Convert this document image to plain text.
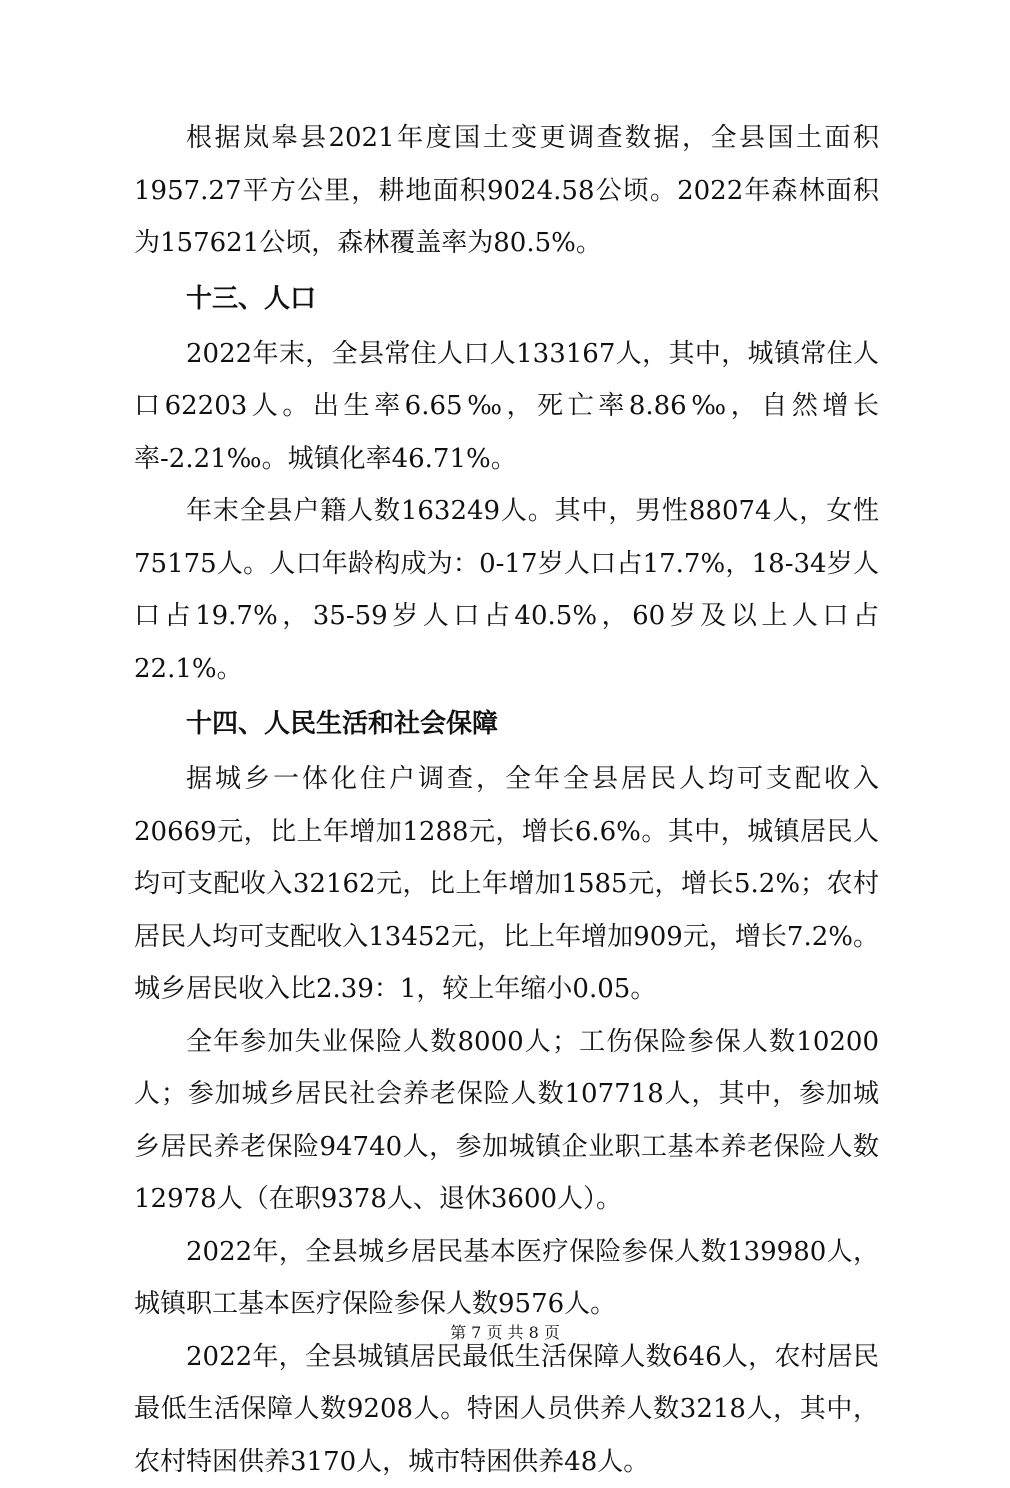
根据岚皋县2021年度国土变更调查数据，全县国土面积1957.27平方公里，耕地面积9024.58公顷。2022年森林面积为157621公顷，森林覆盖率为80.5%。

十三、人口

2022年末，全县常住人口人133167人，其中，城镇常住人口62203人。出生率6.65‰，死亡率8.86‰，自然增长率-2.21‰。城镇化率46.71%。

年末全县户籍人数163249人。其中，男性88074人，女性75175人。人口年龄构成为：0-17岁人口占17.7%，18-34岁人口占19.7%，35-59岁人口占40.5%，60岁及以上人口占22.1%。

十四、人民生活和社会保障

据城乡一体化住户调查，全年全县居民人均可支配收入20669元，比上年增加1288元，增长6.6%。其中，城镇居民人均可支配收入32162元，比上年增加1585元，增长5.2%；农村居民人均可支配收入13452元，比上年增加909元，增长7.2%。城乡居民收入比2.39：1，较上年缩小0.05。

全年参加失业保险人数8000人；工伤保险参保人数10200人；参加城乡居民社会养老保险人数107718人，其中，参加城乡居民养老保险94740人，参加城镇企业职工基本养老保险人数12978人（在职9378人、退休3600人）。

2022年，全县城乡居民基本医疗保险参保人数139980人，城镇职工基本医疗保险参保人数9576人。

2022年，全县城镇居民最低生活保障人数646人，农村居民最低生活保障人数9208人。特困人员供养人数3218人，其中，农村特困供养3170人，城市特困供养48人。

第 7 页 共 8 页
